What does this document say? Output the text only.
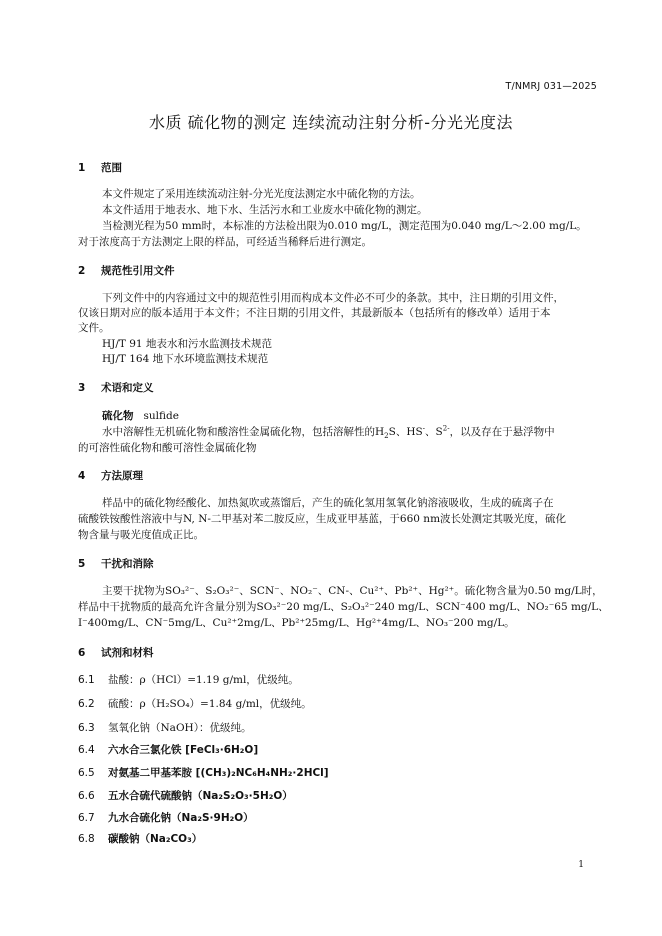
T/NMRJ 031—2025
水质 硫化物的测定 连续流动注射分析-分光光度法
1 范围
本文件规定了采用连续流动注射-分光光度法测定水中硫化物的方法。
本文件适用于地表水、地下水、生活污水和工业废水中硫化物的测定。
当检测光程为50 mm时，本标准的方法检出限为0.010 mg/L，测定范围为0.040 mg/L～2.00 mg/L。
对于浓度高于方法测定上限的样品，可经适当稀释后进行测定。
2 规范性引用文件
下列文件中的内容通过文中的规范性引用而构成本文件必不可少的条款。其中，注日期的引用文件，
仅该日期对应的版本适用于本文件；不注日期的引用文件，其最新版本（包括所有的修改单）适用于本
文件。
HJ/T 91 地表水和污水监测技术规范
HJ/T 164 地下水环境监测技术规范
3 术语和定义
硫化物 sulfide
水中溶解性无机硫化物和酸溶性金属硫化物，包括溶解性的$H_2S$、HS-、$S^{2-}$，以及存在于悬浮物中
的可溶性硫化物和酸可溶性金属硫化物
4 方法原理
样品中的硫化物经酸化、加热氮吹或蒸馏后，产生的硫化氢用氢氧化钠溶液吸收，生成的硫离子在
硫酸铁铵酸性溶液中与N, N-二甲基对苯二胺反应，生成亚甲基蓝，于660 nm波长处测定其吸光度，硫化
物含量与吸光度值成正比。
5 干扰和消除
主要干扰物为SO₃²⁻、S₂O₃²⁻、SCN⁻、NO₂⁻、CN-、Cu²⁺、Pb²⁺、Hg²⁺。硫化物含量为0.50 mg/L时，
样品中干扰物质的最高允许含量分别为SO₃²⁻20 mg/L、S₂O₃²⁻240 mg/L、SCN⁻400 mg/L、NO₂⁻65 mg/L、
I⁻400mg/L、CN⁻5mg/L、Cu²⁺2mg/L、Pb²⁺25mg/L、Hg²⁺4mg/L、NO₃⁻200 mg/L。
6 试剂和材料
6.1 盐酸：ρ（HCl）=1.19 g/ml，优级纯。
6.2 硫酸：ρ（H₂SO₄）=1.84 g/ml，优级纯。
6.3 氢氧化钠（NaOH）：优级纯。
6.4 六水合三氯化铁 [FeCl₃·6H₂O]
6.5 对氨基二甲基苯胺 [(CH₃)₂NC₆H₄NH₂·2HCl]
6.6 五水合硫代硫酸钠（Na₂S₂O₃·5H₂O）
6.7 九水合硫化钠（Na₂S·9H₂O）
6.8 碳酸钠（Na₂CO₃）
1
